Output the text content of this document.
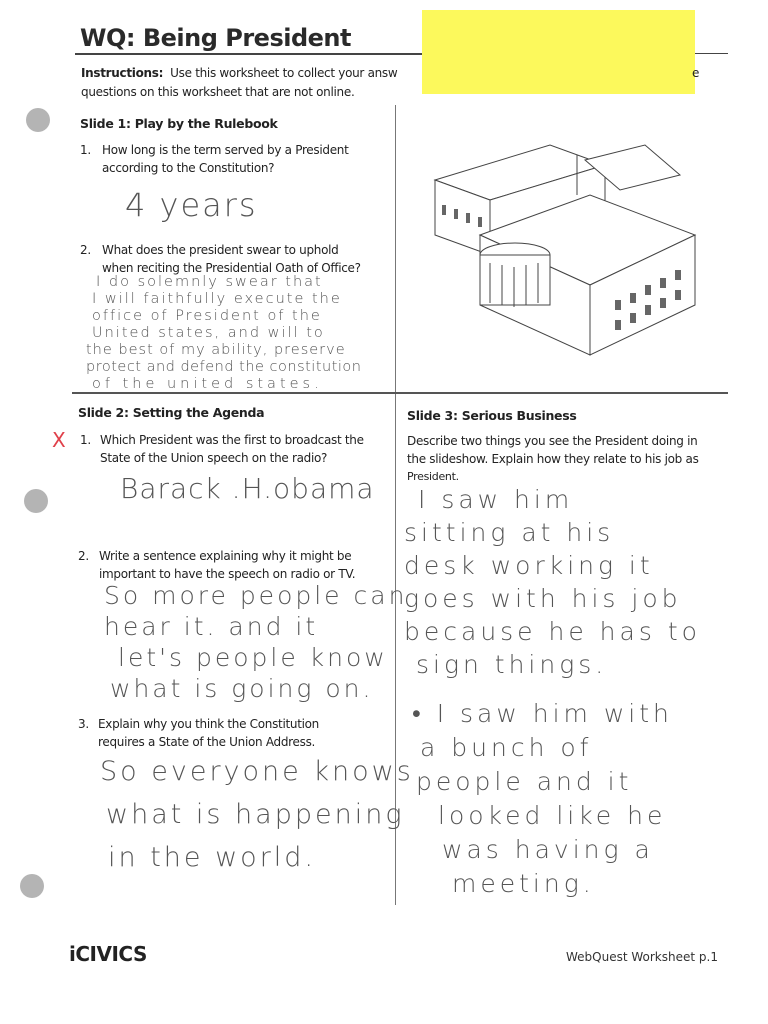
WQ: Being President
Instructions: Use this worksheet to collect your answ	e
questions on this worksheet that are not online.
Slide 1: Play by the Rulebook
1. How long is the term served by a President
according to the Constitution?
4 years
2. What does the president swear to uphold
when reciting the Presidential Oath of Office?
I do solemnly swear that
I will faithfully execute the
office of President of the
United states, and will to
the best of my ability, preserve
protect and defend the constitution
of the united states.
Slide 2: Setting the Agenda
X 1. Which President was the first to broadcast the
State of the Union speech on the radio?
Barack .H.obama
2. Write a sentence explaining why it might be
important to have the speech on radio or TV.
So more people can
hear it. and it
let's people know
what is going on.
3. Explain why you think the Constitution
requires a State of the Union Address.
So everyone knows
what is happening
in the world.
Slide 3: Serious Business
Describe two things you see the President doing in
the slideshow. Explain how they relate to his job as
President.
I saw him
sitting at his
desk working it
goes with his job
because he has to
sign things.
• I saw him with
a bunch of
people and it
looked like he
was having a
meeting.
iCIVICS	WebQuest Worksheet p.1
